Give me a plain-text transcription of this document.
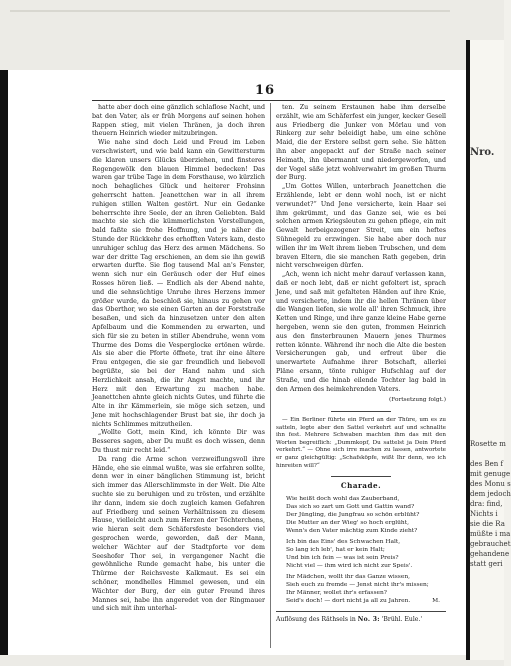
16

hatte aber doch eine gänzlich schlaflose Nacht, und bat den Vater, als er früh Morgens auf seinen hohen Rappen stieg, mit vielen Thränen, ja doch ihren theuern Heinrich wieder mitzubringen.

Wie nahe sind doch Leid und Freud im Leben verschwistert, und wie bald kann ein Gewittersturm die klaren unsers Glücks überziehen, und finsteres Regengewölk den blauen Himmel bedecken! Das waren gar trübe Tage in dem Forsthause, wo kürzlich noch behagliches Glück und heiterer Frohsinn geherrscht hatten. Jeanettchen war in all ihrem ruhigen stillen Walten gestört. Nur ein Gedanke beherrschte ihre Seele, der an ihren Geliebten. Bald machte sie sich die kümmerlichsten Vorstellungen, bald faßte sie frohe Hoffnung, und je näher die Stunde der Rückkehr des erhofften Vaters kam, desto unruhiger schlug das Herz des armen Mädchens. So war der dritte Tag erschienen, an dem sie ihn gewiß erwarten durfte. Sie flog tausend Mal an's Fenster, wenn sich nur ein Geräusch oder der Huf eines Rosses hören ließ. — Endlich als der Abend nahte, und die sehnsüchtige Unruhe ihres Herzens immer größer wurde, da beschloß sie, hinaus zu gehen vor das Oberthor, wo sie einen Garten an der Forststraße besaßen, und sich da hinzusetzen unter den alten Apfelbaum und die Kommenden zu erwarten, und sich für sie zu beten in stiller Abendruhe, wenn vom Thurme des Doms die Vesperglocke ertönen würde. Als sie aber die Pforte öffnete, trat ihr eine ältere Frau entgegen, die sie gar freundlich und liebevoll begrüßte, sie bei der Hand nahm und sich Herzlichkeit ansah, die ihr Angst machte, und ihr Herz mit den Erwartung zu machen habe. Jeanettchen ahnte gleich nichts Gutes, und führte die Alte in ihr Kämmerlein, sie möge sich setzen, und Jene mit hochschlagender Brust bat sie, ihr doch ja nichts Schlimmes mitzutheilen.

„Wollte Gott, mein Kind, ich könnte Dir was Besseres sagen, aber Du mußt es doch wissen, denn Du thust mir recht leid.“

Da rang die Arme schon verzweiflungsvoll ihre Hände, ehe sie einmal wußte, was sie erfahren sollte, denn wer in einer bänglichen Stimmung ist, bricht sich immer das Allerschlimmste in der Welt. Die Alte suchte sie zu beruhigen und zu trösten, und erzählte ihr dann, indem sie doch zugleich kamen Gefahren auf Friedberg und seinen Verhältnissen zu diesem Hause, vielleicht auch zum Herzen der Töchterchens, wie hieran seit dem Schäfersfeste besonders viel gesprochen werde, geworden, daß der Mann, welcher Wächter auf der Stadtpforte vor dem Seeshofer Thor sei, in vergangener Nacht die gewöhnliche Runde gemacht habe, bis unter die Thürme der Reichsveste Kalkmaut. Es sei ein schöner, mondhelles Himmel gewesen, und ein Wächter der Burg, der ein guter Freund ihres Mannes sei, habe ihn angeredet von der Ringmauer und sich mit ihm unterhal-

ten. Zu seinem Erstaunen habe ihm derselbe erzählt, wie am Schäferfest ein junger, kecker Gesell aus Friedberg die Junker von Mörlau und von Rinkerg zur sehr beleidigt habe, um eine schöne Maid, die der Erstere selbst gern sehe. Sie hätten ihn aber angepackt auf der Straße nach seiner Heimath, ihn übermannt und niedergeworfen, und der Vogel säße jetzt wohlverwahrt im großen Thurm der Burg.

„Um Gottes Willen, unterbrach Jeanettchen die Erzählende, lebt er denn wohl noch, ist er nicht verwundet?“ Und Jene versicherte, kein Haar sei ihm gekrümmt, und das Ganze sei, wie es bei solchen armen Kriegsleuten zu gehen pflege, ein mit Gewalt herbeigezogener Streit, um ein heftes Sühnegeld zu erzwingen. Sie habe aber doch nur willen ihr im Welt ihrem lieben Trubschen, und dem braven Eltern, die sie manchen Rath gegeben, drin nicht verschweigen dürfen.

„Ach, wenn ich nicht mehr darauf verlassen kann, daß er noch lebt, daß er nicht gefoltert ist, sprach Jene, und saß mit gefalteten Händen auf ihre Knie, und versicherte, indem ihr die hellen Thränen über die Wangen liefen, sie wolle all' ihren Schmuck, ihre Ketten und Ringe, und ihre ganze kleine Habe gerne hergeben, wenn sie den guten, frommen Heinrich aus den finsterbraunen Mauern jenes Thurmes retten könnte. Während ihr noch die Alte die besten Versicherungen gab, und erfreut über die unerwartete Aufnahme ihrer Botschaft, allerlei Pläne ersann, tönte ruhiger Hufschlag auf der Straße, und die hinab eilende Tochter lag bald in den Armen des heimkehrenden Vaters.

(Fortsetzung folgt.)

— Ein Berliner führte ein Pferd an der Thüre, um es zu satteln, legte aber den Sattel verkehrt auf und schnallte ihn fest. Mehrere Schwaben machten ihm das mit den Worten begreiflich: „Dummkopf, Du sattelst ja Dein Pferd verkehrt.“ — Ohne sich irre machen zu lassen, antwortete er ganz gleichgültig: „Schafsköpfe, wißt Ihr denn, wo ich hinreiten will?“

Charade.
Wie heißt doch wohl das Zauberband,
Das sich so zart um Gott und Gattin wand?
Der Jüngling, die Jungfrau so schön erblüht?
Die Mutter an der Wieg' so hoch erglüht,
Wenn's den Vater mächtig zum Kinde zieht?
Ich bin das Eins' des Schwachen Halt,
So lang ich leb', hat er kein Halt;
Und bin ich fein — was ist sein Preis?
Nicht viel — ihm wird ich nicht zur Speis'.
Ihr Mädchen, wollt ihr das Ganze wissen,
Sieh euch zu fremde — Jenst nicht ihr's missen;
Ihr Männer, wollet ihr's erfassen?
Seid's doch! — dort nicht ja all zu Jahren.	M.
Auflösung des Räthsels in No. 3: 'Brühl. Eule.'
Nro.
Rosette m
des Ben f
mit genuge
des Monu s
dem jedoch
dra: find,
Nichts i
sie die Ra
müßte i ma
gebrauchet
gehandene
statt geri
